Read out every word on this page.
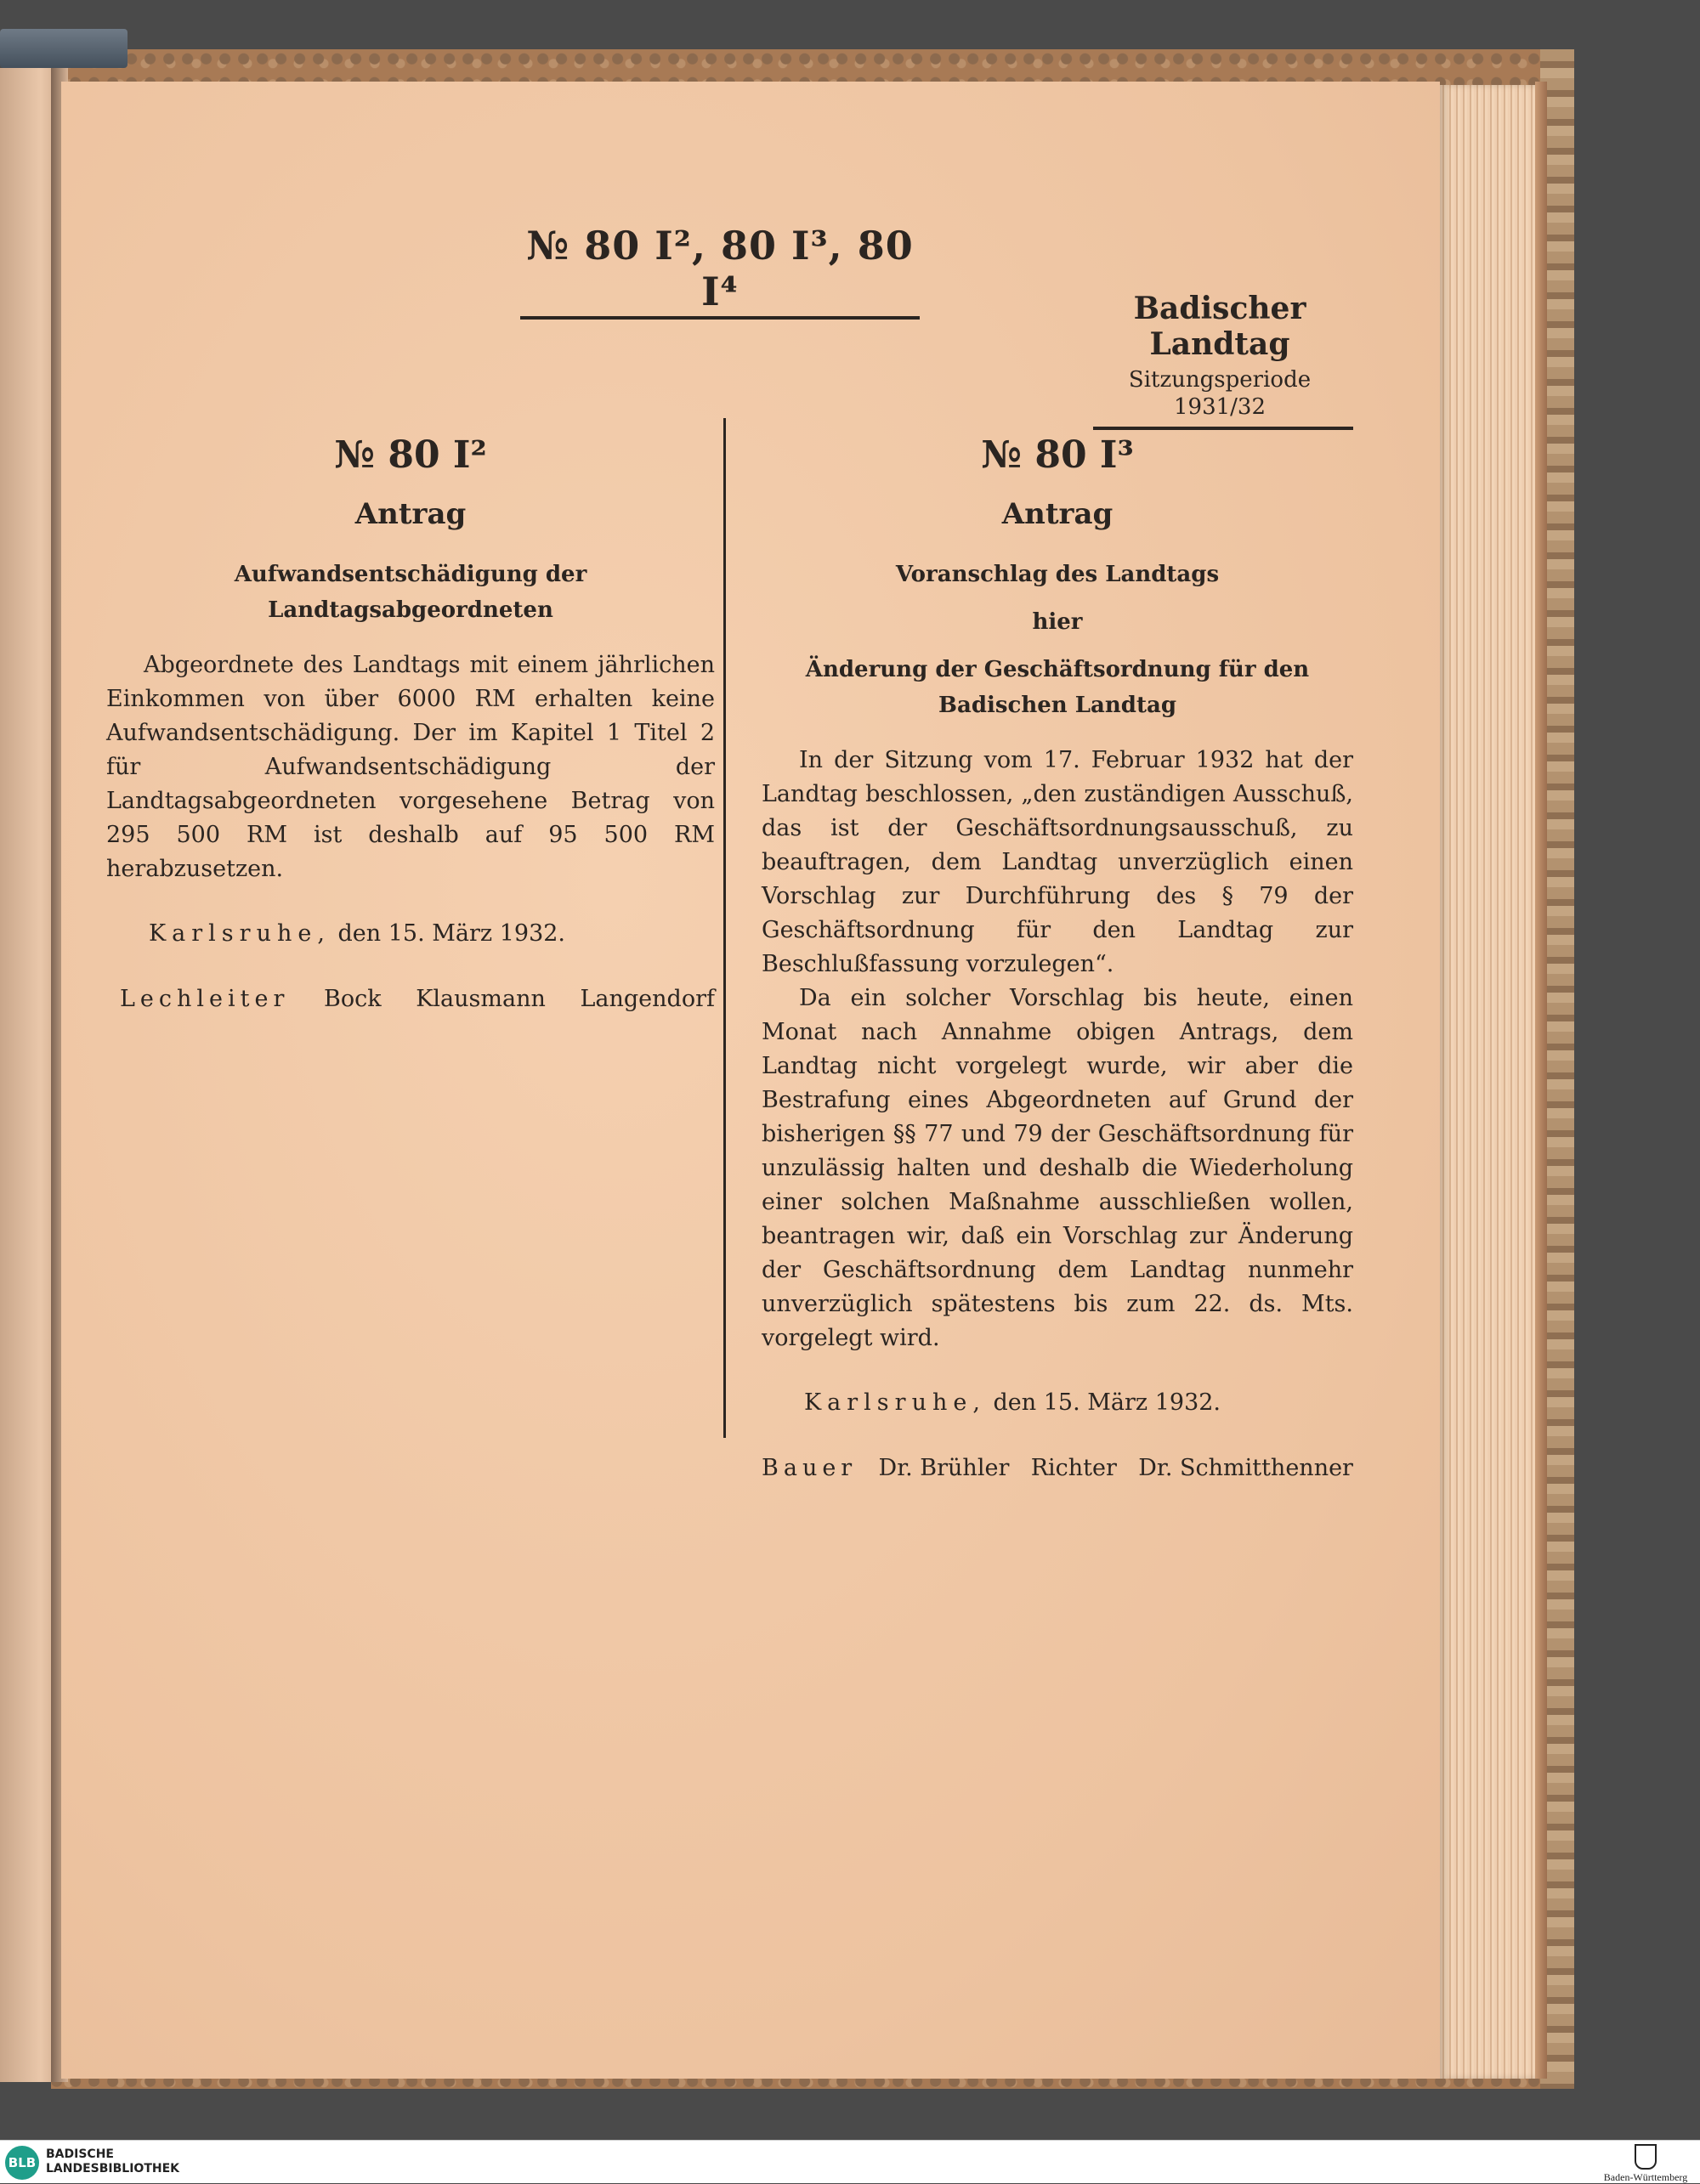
№ 80 I², 80 I³, 80 I⁴	Badischer Landtag
Sitzungsperiode
1931/32
№ 80 I²
Antrag
Aufwandsentschädigung der Landtagsabgeordneten

Abgeordnete des Landtags mit einem jährlichen Einkommen von über 6000 RM erhalten keine Aufwandsentschädigung. Der im Kapitel 1 Titel 2 für Aufwandsentschädigung der Landtagsabgeordneten vorgesehene Betrag von 295 500 RM ist deshalb auf 95 500 RM herabzusetzen.

Karlsruhe, den 15. März 1932.
Lechleiter Bock Klausmann Langendorf
№ 80 I³
Antrag
Voranschlag des Landtags
hier
Änderung der Geschäftsordnung für den Badischen Landtag

In der Sitzung vom 17. Februar 1932 hat der Landtag beschlossen, „den zuständigen Ausschuß, das ist der Geschäftsordnungsausschuß, zu beauftragen, dem Landtag unverzüglich einen Vorschlag zur Durchführung des § 79 der Geschäftsordnung für den Landtag zur Beschlußfassung vorzulegen“.

Da ein solcher Vorschlag bis heute, einen Monat nach Annahme obigen Antrags, dem Landtag nicht vorgelegt wurde, wir aber die Bestrafung eines Abgeordneten auf Grund der bisherigen §§ 77 und 79 der Geschäftsordnung für unzulässig halten und deshalb die Wiederholung einer solchen Maßnahme ausschließen wollen, beantragen wir, daß ein Vorschlag zur Änderung der Geschäftsordnung dem Landtag nunmehr unverzüglich spätestens bis zum 22. ds. Mts. vorgelegt wird.

Karlsruhe, den 15. März 1932.
Bauer Dr. Brühler Richter Dr. Schmitthenner
BLB
BADISCHE
LANDESBIBLIOTHEK
Baden-Württemberg
